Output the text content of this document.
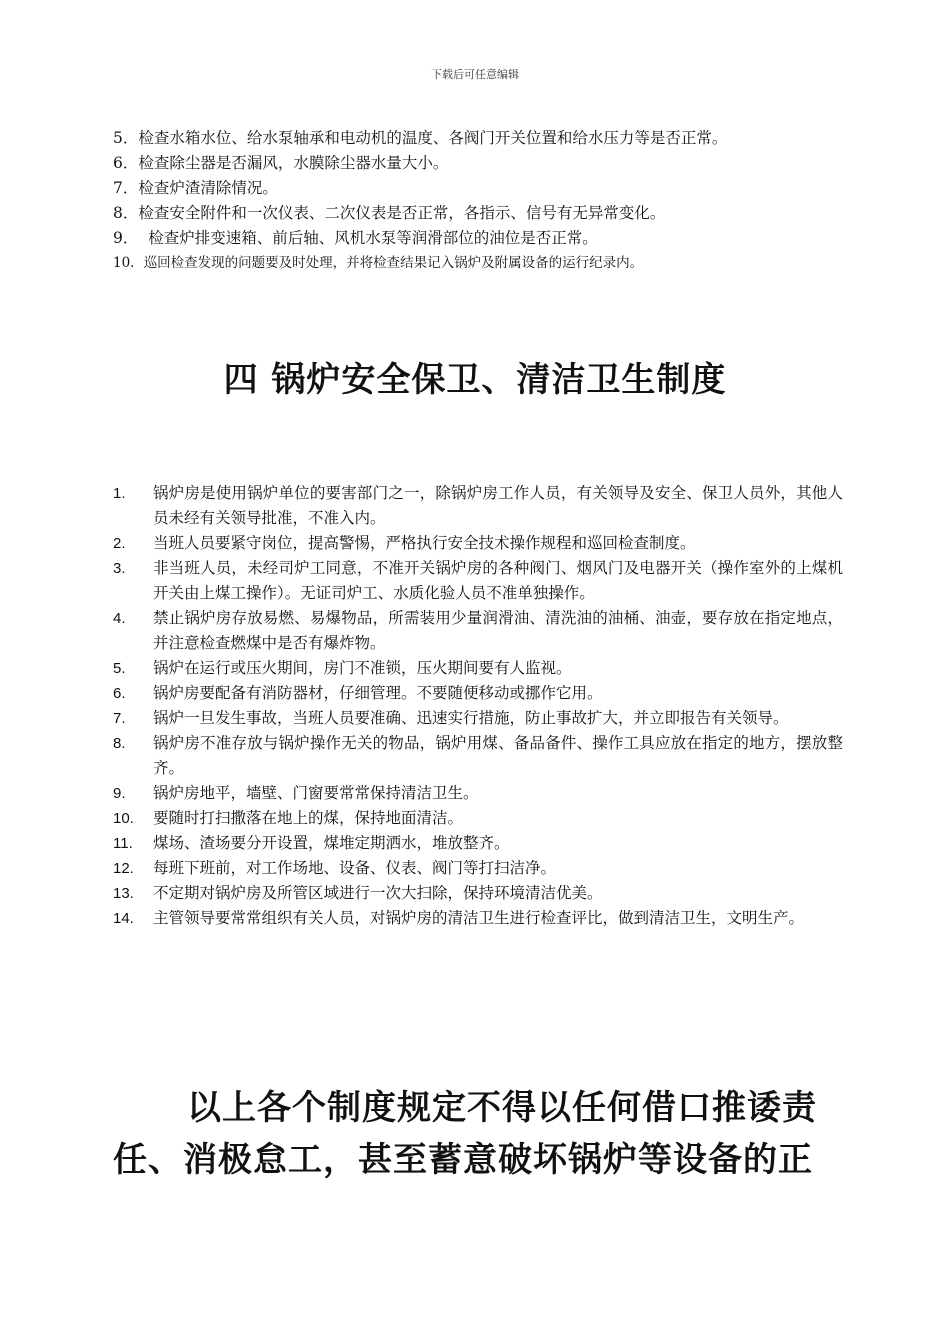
下载后可任意编辑
5． 检查水箱水位、给水泵轴承和电动机的温度、各阀门开关位置和给水压力等是否正常。
6． 检查除尘器是否漏风，水膜除尘器水量大小。
7． 检查炉渣清除情况。
8． 检查安全附件和一次仪表、二次仪表是否正常，各指示、信号有无异常变化。
9． 检查炉排变速箱、前后轴、风机水泵等润滑部位的油位是否正常。
10． 巡回检查发现的问题要及时处理，并将检查结果记入锅炉及附属设备的运行纪录内。
四 锅炉安全保卫、清洁卫生制度
1.	锅炉房是使用锅炉单位的要害部门之一，除锅炉房工作人员，有关领导及安全、保卫人员外，其他人员未经有关领导批准，不准入内。
2.	当班人员要紧守岗位，提高警惕，严格执行安全技术操作规程和巡回检查制度。
3.	非当班人员，未经司炉工同意，不准开关锅炉房的各种阀门、烟风门及电器开关（操作室外的上煤机开关由上煤工操作）。无证司炉工、水质化验人员不准单独操作。
4.	禁止锅炉房存放易燃、易爆物品，所需装用少量润滑油、清洗油的油桶、油壶，要存放在指定地点，并注意检查燃煤中是否有爆炸物。
5.	锅炉在运行或压火期间，房门不准锁，压火期间要有人监视。
6.	锅炉房要配备有消防器材，仔细管理。不要随便移动或挪作它用。
7.	锅炉一旦发生事故，当班人员要准确、迅速实行措施，防止事故扩大，并立即报告有关领导。
8.	锅炉房不准存放与锅炉操作无关的物品，锅炉用煤、备品备件、操作工具应放在指定的地方，摆放整齐。
9.	锅炉房地平，墙壁、门窗要常常保持清洁卫生。
10.	要随时打扫撒落在地上的煤，保持地面清洁。
11.	煤场、渣场要分开设置，煤堆定期洒水，堆放整齐。
12.	每班下班前，对工作场地、设备、仪表、阀门等打扫洁净。
13.	不定期对锅炉房及所管区域进行一次大扫除，保持环境清洁优美。
14.	主管领导要常常组织有关人员，对锅炉房的清洁卫生进行检查评比，做到清洁卫生，文明生产。
以上各个制度规定不得以任何借口推诿责任、消极怠工，甚至蓄意破坏锅炉等设备的正
